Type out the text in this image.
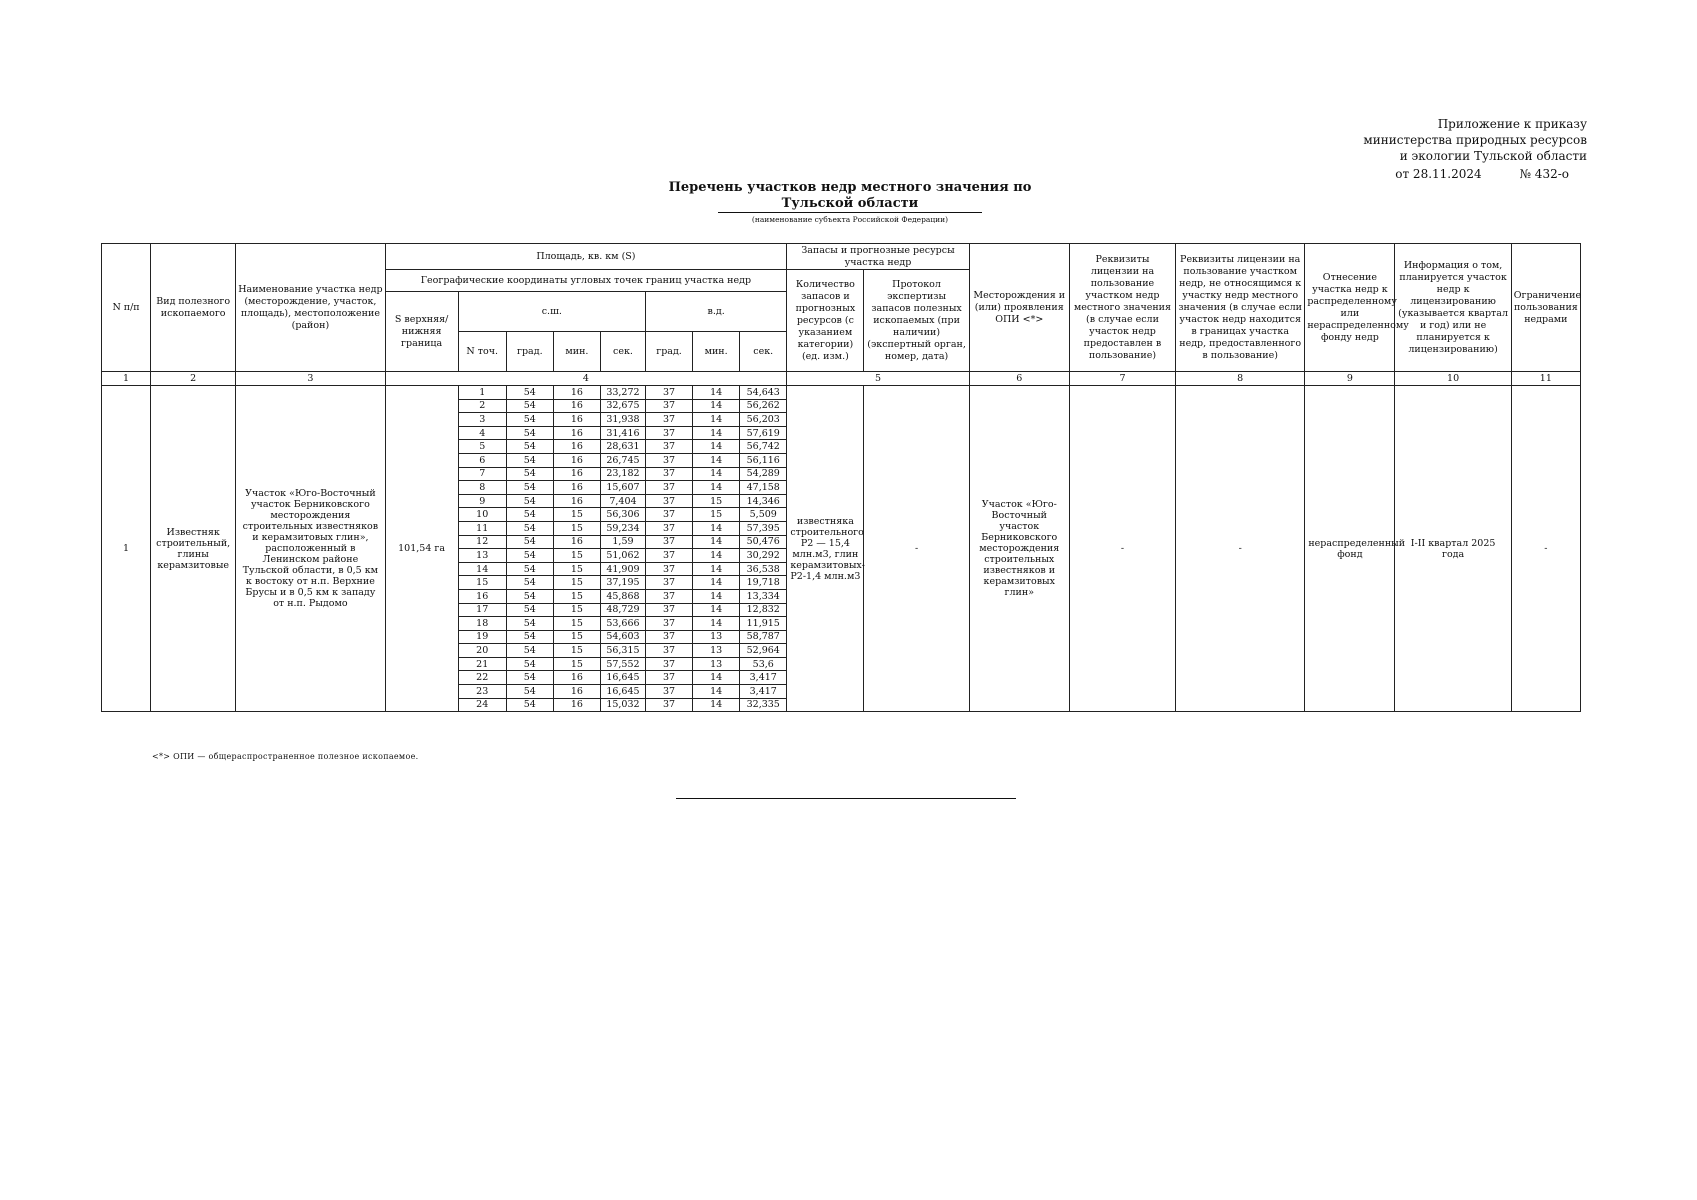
Приложение к приказу
министерства природных ресурсов
и экологии Тульской области
от 28.11.2024	№ 432-о
Перечень участков недр местного значения по
Тульской области
(наименование субъекта Российской Федерации)
N п/п	Вид полезного ископаемого	Наименование участка недр (месторождение, участок, площадь), местоположение (район)	Площадь, кв. км (S)								Запасы и прогнозные ресурсы участка недр		Месторождения и (или) проявления ОПИ <*>	Реквизиты лицензии на пользование участком недр местного значения (в случае если участок недр предоставлен в пользование)	Реквизиты лицензии на пользование участком недр, не относящимся к участку недр местного значения (в случае если участок недр находится в границах участка недр, предоставленного в пользование)	Отнесение участка недр к распределенному или нераспределенному фонду недр	Информация о том, планируется участок недр к лицензированию (указывается квартал и год) или не планируется к лицензированию)	Ограничение пользования недрами
			Географические координаты угловых точек границ участка недр								Количество запасов и прогнозных ресурсов (с указанием категории) (ед. изм.)	Протокол экспертизы запасов полезных ископаемых (при наличии) (экспертный орган, номер, дата)						
			S верхняя/нижняя граница	с.ш.				в.д.										
				N точ.	град.	мин.	сек.	град.	мин.	сек.								
1	2	3	4								5		6	7	8	9	10	11
1	Известняк строительный, глины керамзитовые	Участок «Юго-Восточный участок Берниковского месторождения строительных известняков и керамзитовых глин», расположенный в Ленинском районе Тульской области, в 0,5 км к востоку от н.п. Верхние Брусы и в 0,5 км к западу от н.п. Рыдомо	101,54 га	1	54	16	33,272	37	14	54,643	известняка строительного Р2 — 15,4 млн.м3, глин керамзитовых- Р2-1,4 млн.м3	-	Участок «Юго-Восточный участок Берниковского месторождения строительных известняков и керамзитовых глин»	-	-	нераспределенный фонд	I-II квартал 2025 года	-
				2	54	16	32,675	37	14	56,262								
				3	54	16	31,938	37	14	56,203								
				4	54	16	31,416	37	14	57,619								
				5	54	16	28,631	37	14	56,742								
				6	54	16	26,745	37	14	56,116								
				7	54	16	23,182	37	14	54,289								
				8	54	16	15,607	37	14	47,158								
				9	54	16	7,404	37	15	14,346								
				10	54	15	56,306	37	15	5,509								
				11	54	15	59,234	37	14	57,395								
				12	54	16	1,59	37	14	50,476								
				13	54	15	51,062	37	14	30,292								
				14	54	15	41,909	37	14	36,538								
				15	54	15	37,195	37	14	19,718								
				16	54	15	45,868	37	14	13,334								
				17	54	15	48,729	37	14	12,832								
				18	54	15	53,666	37	14	11,915								
				19	54	15	54,603	37	13	58,787								
				20	54	15	56,315	37	13	52,964								
				21	54	15	57,552	37	13	53,6								
				22	54	16	16,645	37	14	3,417								
				23	54	16	16,645	37	14	3,417								
				24	54	16	15,032	37	14	32,335								
<*> ОПИ — общераспространенное полезное ископаемое.
